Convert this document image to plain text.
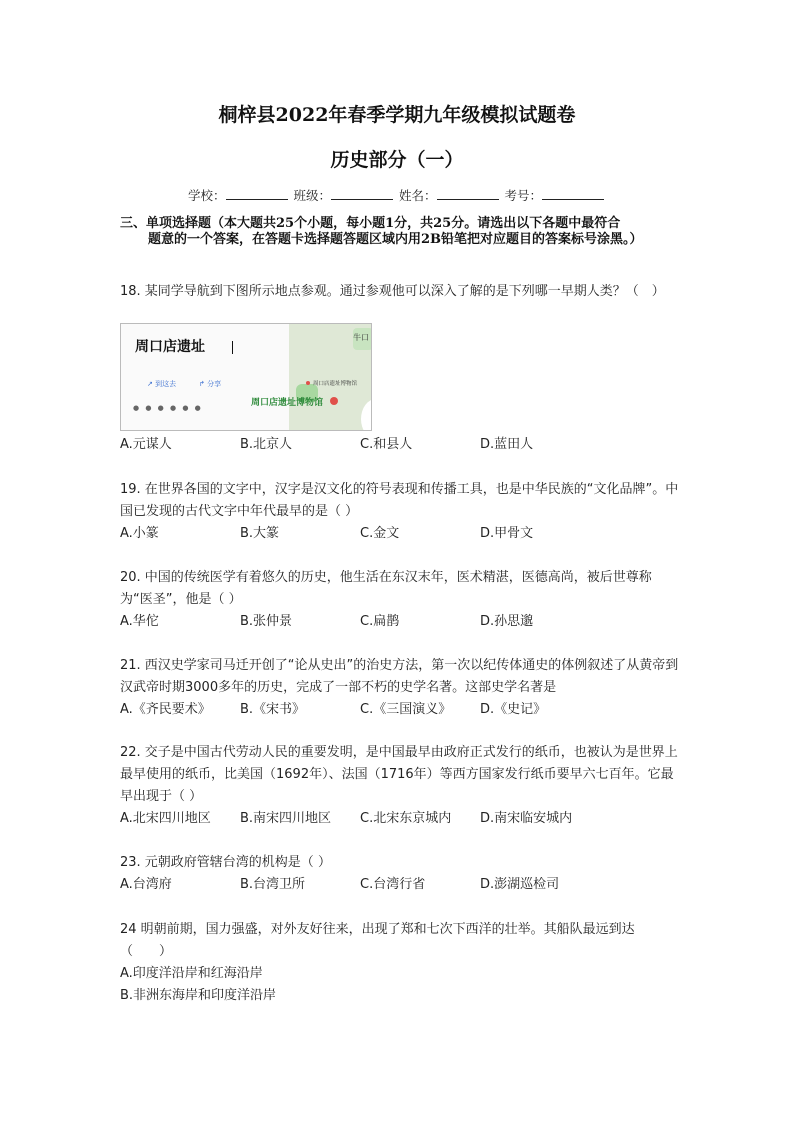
桐梓县2022年春季学期九年级模拟试题卷
历史部分（一）
学校：	班级：	姓名：	考号：
三、单项选择题（本大题共25个小题，每小题1分，共25分。请选出以下各题中最符合
题意的一个答案，在答题卡选择题答题区域内用2B铅笔把对应题目的答案标号涂黑。）

18. 某同学导航到下图所示地点参观。通过参观他可以深入了解的是下列哪一早期人类？（　）

周口店遗址
↗ 到这去	↱ 分享
● ● ● ● ● ●
牛口
周口店遗址博物馆
周口店遗址博物馆
A.元谋人	B.北京人	C.和县人	D.蓝田人

19. 在世界各国的文字中，汉字是汉文化的符号表现和传播工具，也是中华民族的“文化品牌”。中国已发现的古代文字中年代最早的是（ ）

A.小篆	B.大篆	C.金文	D.甲骨文

20. 中国的传统医学有着悠久的历史，他生活在东汉末年，医术精湛，医德高尚，被后世尊称为“医圣”，他是（ ）

A.华佗	B.张仲景	C.扁鹊	D.孙思邈

21. 西汉史学家司马迁开创了“论从史出”的治史方法，第一次以纪传体通史的体例叙述了从黄帝到汉武帝时期3000多年的历史，完成了一部不朽的史学名著。这部史学名著是

A.《齐民要术》	B.《宋书》	C.《三国演义》	D.《史记》

22. 交子是中国古代劳动人民的重要发明，是中国最早由政府正式发行的纸币，也被认为是世界上最早使用的纸币，比美国（1692年）、法国（1716年）等西方国家发行纸币要早六七百年。它最早出现于（ ）

A.北宋四川地区	B.南宋四川地区	C.北宋东京城内	D.南宋临安城内

23. 元朝政府管辖台湾的机构是（ ）

A.台湾府	B.台湾卫所	C.台湾行省	D.澎湖巡检司

24 明朝前期，国力强盛，对外友好往来，出现了郑和七次下西洋的壮举。其船队最远到达（　　）

A.印度洋沿岸和红海沿岸
B.非洲东海岸和印度洋沿岸
